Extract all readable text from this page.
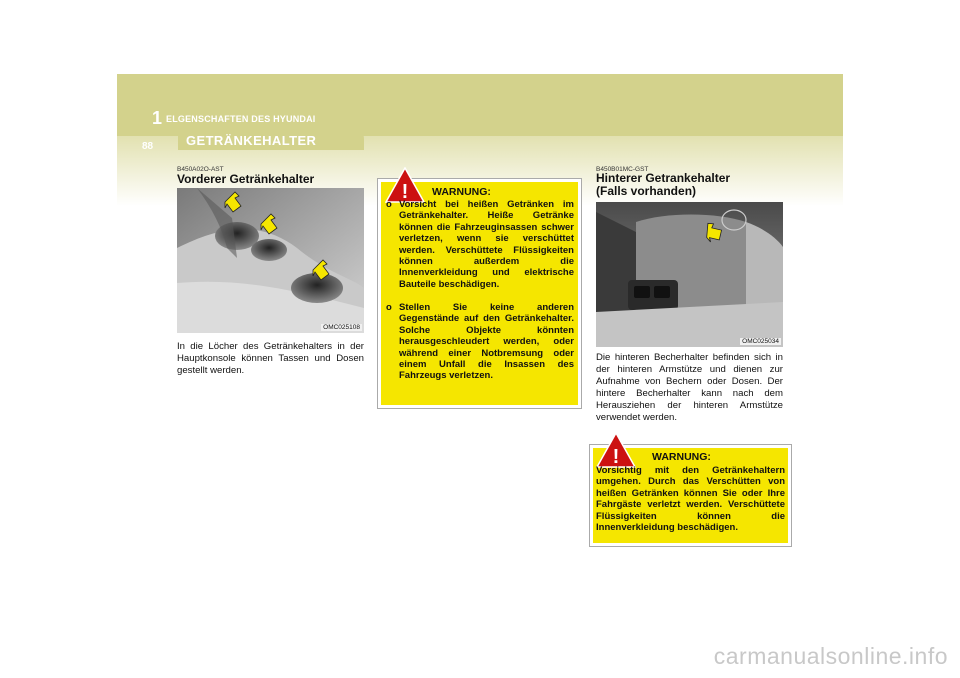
1 ELGENSCHAFTEN DES HYUNDAI
88	GETRÄNKEHALTER
B450A02O-AST
Vorderer Getränkehalter
OMC025108
In die Löcher des Getränkehalters in der Hauptkonsole können Tassen und Dosen gestellt werden.
! WARNUNG:
o Vorsicht bei heißen Getränken im Getränkehalter. Heiße Getränke können die Fahrzeuginsassen schwer verletzen, wenn sie verschüttet werden. Verschüttete Flüssigkeiten können außerdem die Innenverkleidung und elektrische Bauteile beschädigen.
o Stellen Sie keine anderen Gegenstände auf den Getränkehalter. Solche Objekte könnten herausgeschleudert werden, oder während einer Notbremsung oder einem Unfall die Insassen des Fahrzeugs verletzen.
B450B01MC-GST
Hinterer Getrankehalter
(Falls vorhanden)
OMC025034
Die hinteren Becherhalter befinden sich in der hinteren Armstütze und dienen zur Aufnahme von Bechern oder Dosen. Der hintere Becherhalter kann nach dem Herausziehen der hinteren Armstütze verwendet werden.
!	WARNUNG:
Vorsichtig mit den Getränkehaltern umgehen. Durch das Verschütten von heißen Getränken können Sie oder Ihre Fahrgäste verletzt werden. Verschüttete Flüssigkeiten können die Innenverkleidung beschädigen.
carmanualsonline.info
